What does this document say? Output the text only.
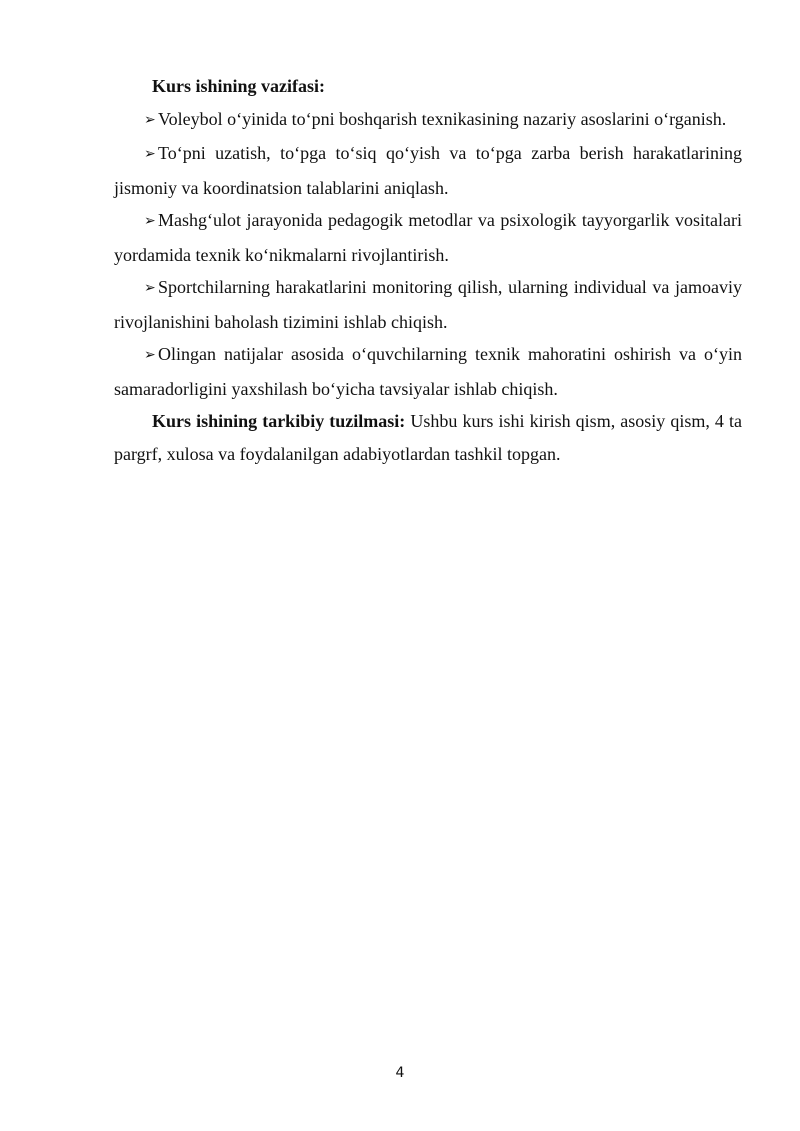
Kurs ishining vazifasi:

➢ Voleybol o‘yinida to‘pni boshqarish texnikasining nazariy asoslarini o‘rganish.

➢ To‘pni uzatish, to‘pga to‘siq qo‘yish va to‘pga zarba berish harakatlarining jismoniy va koordinatsion talablarini aniqlash.

➢ Mashg‘ulot jarayonida pedagogik metodlar va psixologik tayyorgarlik vositalari yordamida texnik ko‘nikmalarni rivojlantirish.

➢ Sportchilarning harakatlarini monitoring qilish, ularning individual va jamoaviy rivojlanishini baholash tizimini ishlab chiqish.

➢ Olingan natijalar asosida o‘quvchilarning texnik mahoratini oshirish va o‘yin samaradorligini yaxshilash bo‘yicha tavsiyalar ishlab chiqish.

Kurs ishining tarkibiy tuzilmasi: Ushbu kurs ishi kirish qism, asosiy qism, 4 ta pargrf, xulosa va foydalanilgan adabiyotlardan tashkil topgan.

4
